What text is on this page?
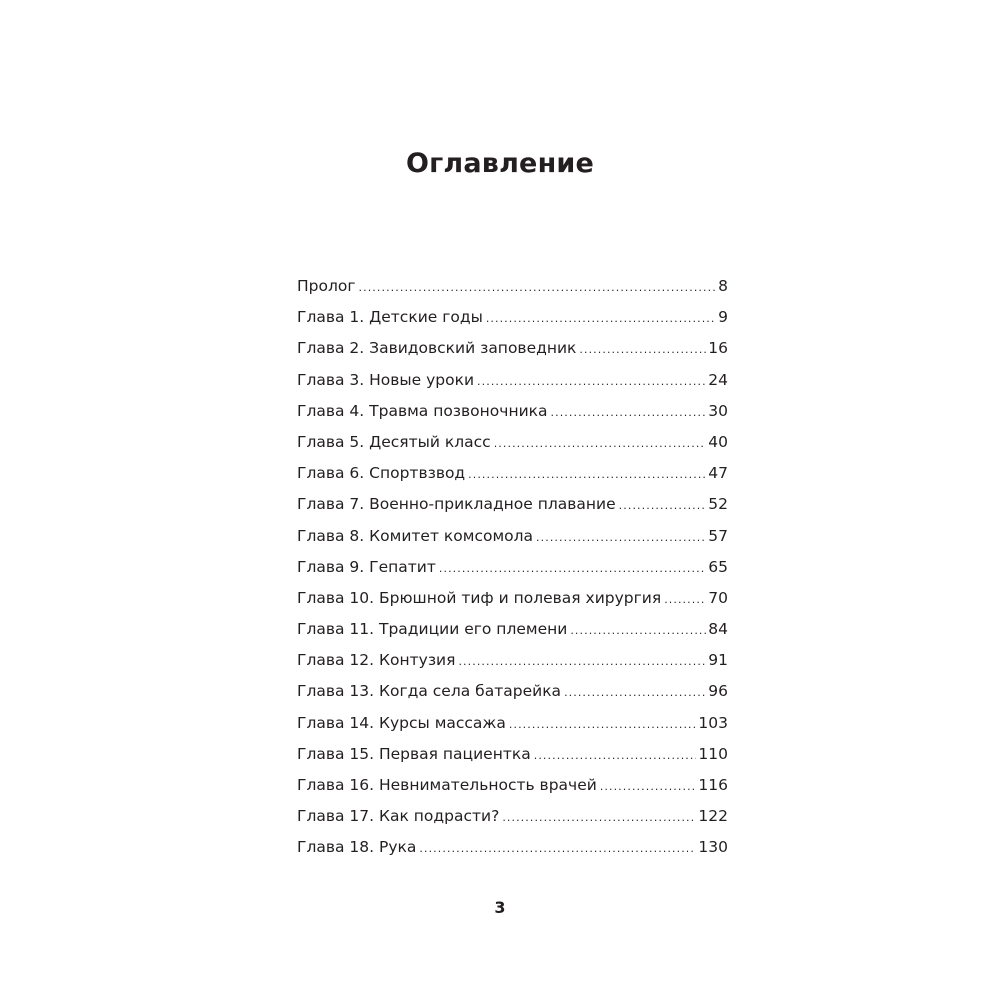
Оглавление
Пролог . . .	8
Глава 1. Детские годы . . .	9
Глава 2. Завидовский заповедник . . .	16
Глава 3. Новые уроки . . .	24
Глава 4. Травма позвоночника . . .	30
Глава 5. Десятый класс . . .	40
Глава 6. Спортвзвод . . .	47
Глава 7. Военно-прикладное плавание . . .	52
Глава 8. Комитет комсомола . . .	57
Глава 9. Гепатит . . .	65
Глава 10. Брюшной тиф и полевая хирургия . . .	70
Глава 11. Традиции его племени . . .	84
Глава 12. Контузия . . .	91
Глава 13. Когда села батарейка . . .	96
Глава 14. Курсы массажа . . .	103
Глава 15. Первая пациентка . . .	110
Глава 16. Невнимательность врачей . . .	116
Глава 17. Как подрасти? . . .	122
Глава 18. Рука . . .	130
3
